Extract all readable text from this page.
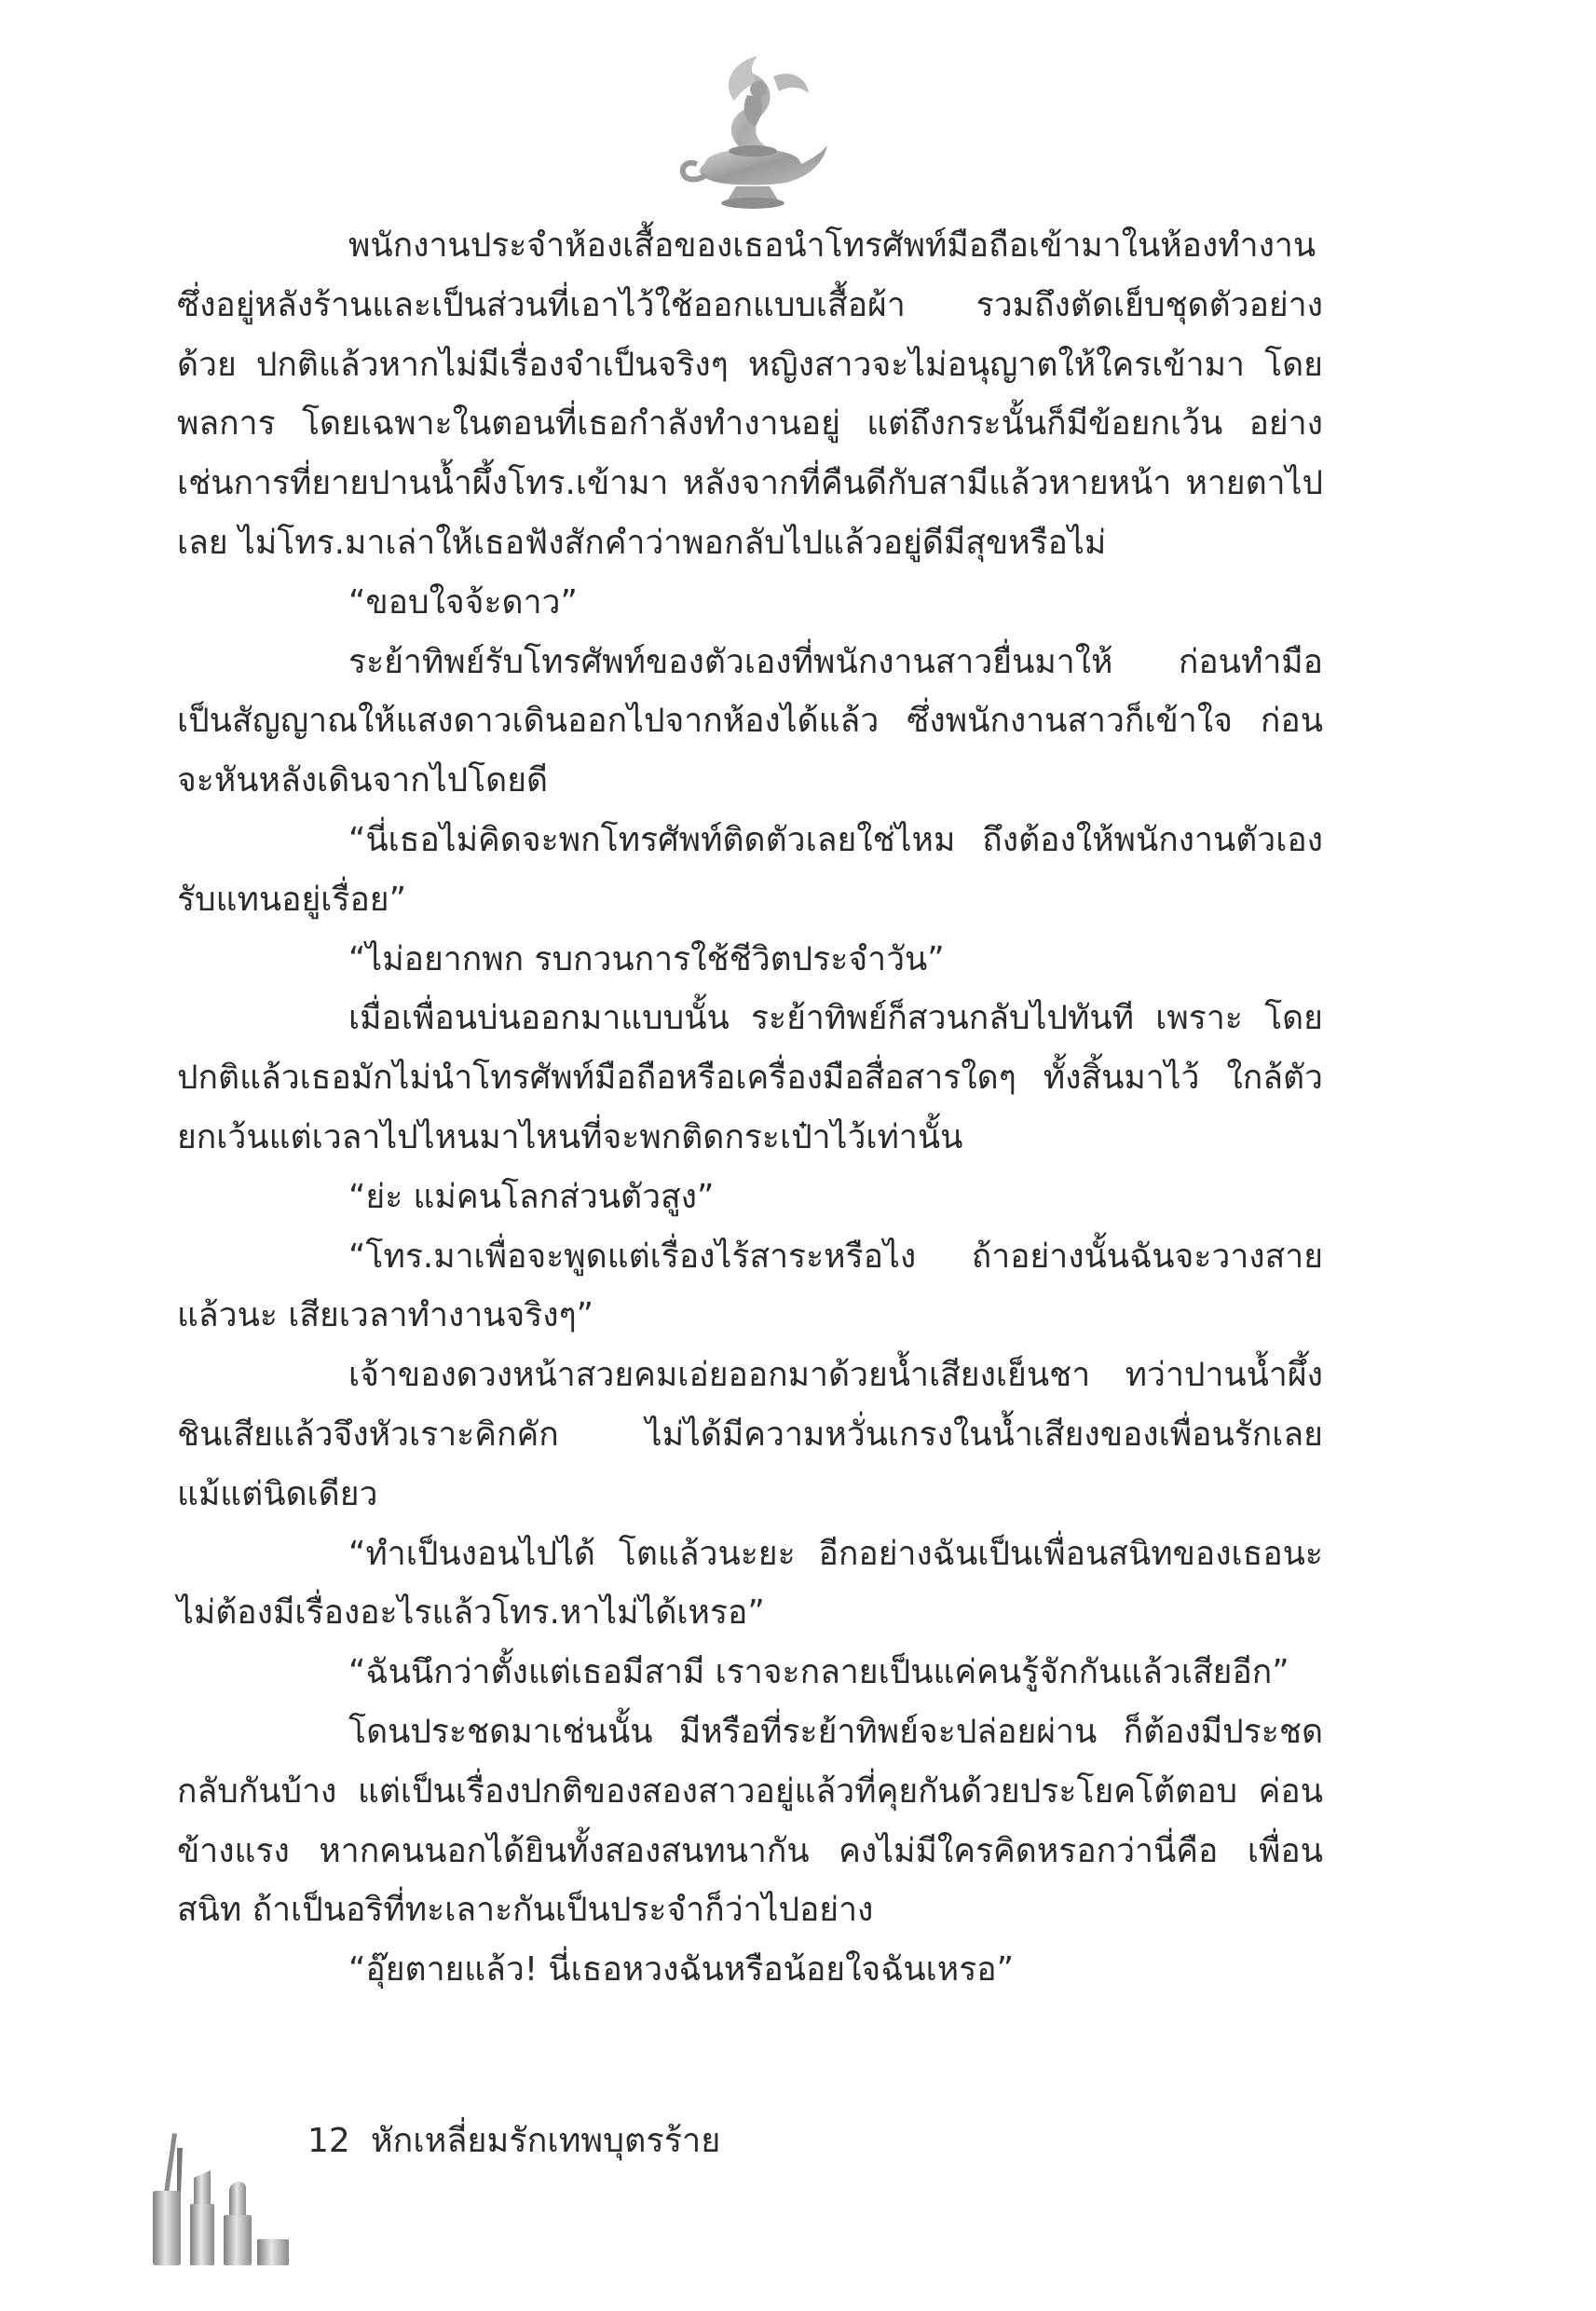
พนักงานประจำห้องเสื้อของเธอนำโทรศัพท์มือถือเข้ามาในห้องทำงาน ซึ่งอยู่หลังร้านและเป็นส่วนที่เอาไว้ใช้ออกแบบเสื้อผ้า รวมถึงตัดเย็บชุดตัวอย่าง ด้วย ปกติแล้วหากไม่มีเรื่องจำเป็นจริงๆ หญิงสาวจะไม่อนุญาตให้ใครเข้ามา โดยพลการ โดยเฉพาะในตอนที่เธอกำลังทำงานอยู่ แต่ถึงกระนั้นก็มีข้อยกเว้น อย่างเช่นการที่ยายปานน้ำผึ้งโทร.เข้ามา หลังจากที่คืนดีกับสามีแล้วหายหน้า หายตาไปเลย ไม่โทร.มาเล่าให้เธอฟังสักคำว่าพอกลับไปแล้วอยู่ดีมีสุขหรือไม่

“ขอบใจจ้ะดาว”

ระย้าทิพย์รับโทรศัพท์ของตัวเองที่พนักงานสาวยื่นมาให้ ก่อนทำมือ เป็นสัญญาณให้แสงดาวเดินออกไปจากห้องได้แล้ว ซึ่งพนักงานสาวก็เข้าใจ ก่อนจะหันหลังเดินจากไปโดยดี

“นี่เธอไม่คิดจะพกโทรศัพท์ติดตัวเลยใช่ไหม ถึงต้องให้พนักงานตัวเอง รับแทนอยู่เรื่อย”

“ไม่อยากพก รบกวนการใช้ชีวิตประจำวัน”

เมื่อเพื่อนบ่นออกมาแบบนั้น ระย้าทิพย์ก็สวนกลับไปทันที เพราะ โดยปกติแล้วเธอมักไม่นำโทรศัพท์มือถือหรือเครื่องมือสื่อสารใดๆ ทั้งสิ้นมาไว้ ใกล้ตัว ยกเว้นแต่เวลาไปไหนมาไหนที่จะพกติดกระเป๋าไว้เท่านั้น

“ย่ะ แม่คนโลกส่วนตัวสูง”

“โทร.มาเพื่อจะพูดแต่เรื่องไร้สาระหรือไง ถ้าอย่างนั้นฉันจะวางสาย แล้วนะ เสียเวลาทำงานจริงๆ”

เจ้าของดวงหน้าสวยคมเอ่ยออกมาด้วยน้ำเสียงเย็นชา ทว่าปานน้ำผึ้ง ชินเสียแล้วจึงหัวเราะคิกคัก ไม่ได้มีความหวั่นเกรงในน้ำเสียงของเพื่อนรักเลย แม้แต่นิดเดียว

“ทำเป็นงอนไปได้ โตแล้วนะยะ อีกอย่างฉันเป็นเพื่อนสนิทของเธอนะ ไม่ต้องมีเรื่องอะไรแล้วโทร.หาไม่ได้เหรอ”

“ฉันนึกว่าตั้งแต่เธอมีสามี เราจะกลายเป็นแค่คนรู้จักกันแล้วเสียอีก”

โดนประชดมาเช่นนั้น มีหรือที่ระย้าทิพย์จะปล่อยผ่าน ก็ต้องมีประชด กลับกันบ้าง แต่เป็นเรื่องปกติของสองสาวอยู่แล้วที่คุยกันด้วยประโยคโต้ตอบ ค่อนข้างแรง หากคนนอกได้ยินทั้งสองสนทนากัน คงไม่มีใครคิดหรอกว่านี่คือ เพื่อนสนิท ถ้าเป็นอริที่ทะเลาะกันเป็นประจำก็ว่าไปอย่าง

“อุ๊ยตายแล้ว! นี่เธอหวงฉันหรือน้อยใจฉันเหรอ”

12 หักเหลี่ยมรักเทพบุตรร้าย
